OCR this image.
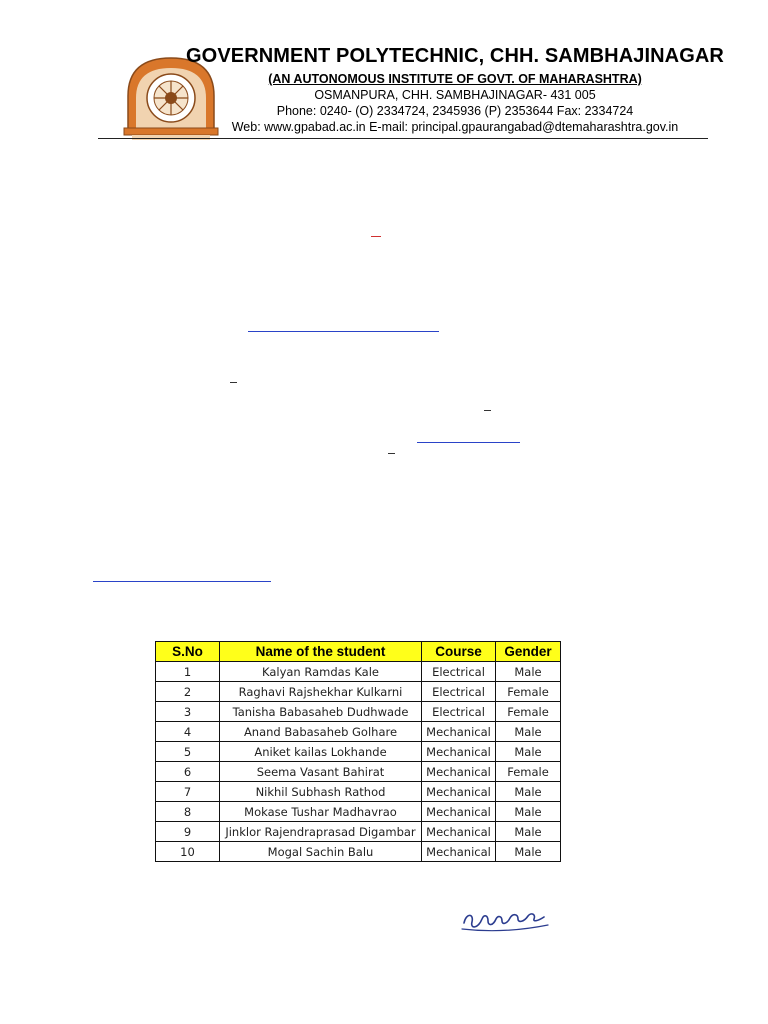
GOVERNMENT POLYTECHNIC, CHH. SAMBHAJINAGAR
(AN AUTONOMOUS INSTITUTE OF GOVT. OF MAHARASHTRA)
OSMANPURA, CHH. SAMBHAJINAGAR- 431 005
Phone: 0240- (O) 2334724, 2345936 (P) 2353644 Fax: 2334724
Web: www.gpabad.ac.in E-mail: principal.gpaurangabad@dtemaharashtra.gov.in
S.No	Name of the student	Course	Gender
1	Kalyan Ramdas Kale	Electrical	Male
2	Raghavi Rajshekhar Kulkarni	Electrical	Female
3	Tanisha Babasaheb Dudhwade	Electrical	Female
4	Anand Babasaheb Golhare	Mechanical	Male
5	Aniket kailas Lokhande	Mechanical	Male
6	Seema Vasant Bahirat	Mechanical	Female
7	Nikhil Subhash Rathod	Mechanical	Male
8	Mokase Tushar Madhavrao	Mechanical	Male
9	Jinklor Rajendraprasad Digambar	Mechanical	Male
10	Mogal Sachin Balu	Mechanical	Male
